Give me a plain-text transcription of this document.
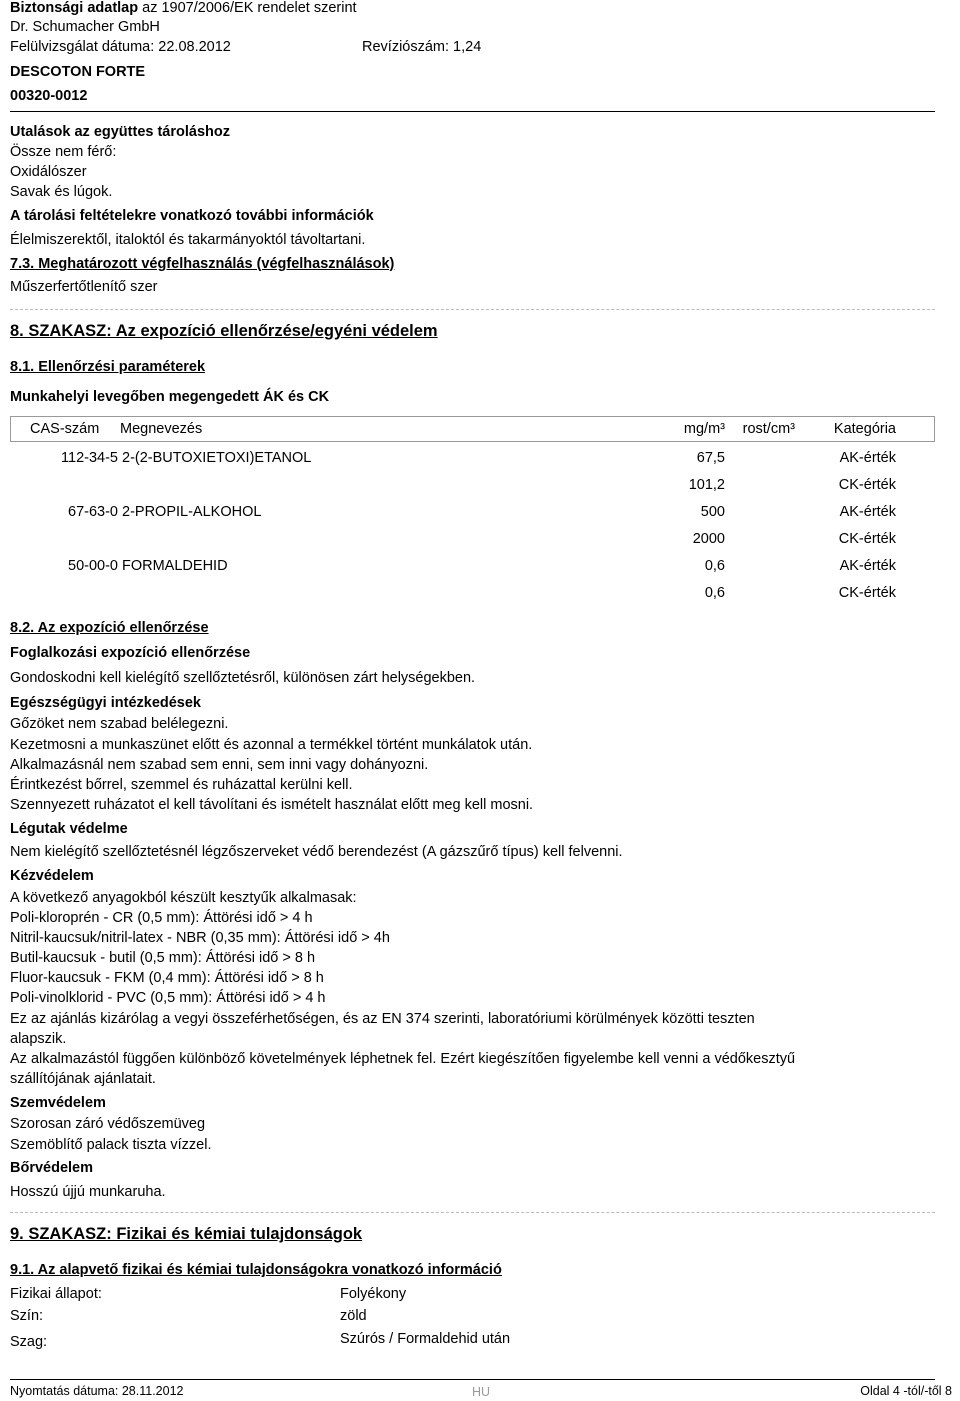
Biztonsági adatlap az 1907/2006/EK rendelet szerint
Dr. Schumacher GmbH
Felülvizsgálat dátuma: 22.08.2012	Revíziószám: 1,24
DESCOTON FORTE
00320-0012
Utalások az együttes tároláshoz
Össze nem férő:
Oxidálószer
Savak és lúgok.
A tárolási feltételekre vonatkozó további információk
Élelmiszerektől, italoktól és takarmányoktól távoltartani.
7.3. Meghatározott végfelhasználás (végfelhasználások)
Műszerfertőtlenítő szer
8. SZAKASZ: Az expozíció ellenőrzése/egyéni védelem
8.1. Ellenőrzési paraméterek
Munkahelyi levegőben megengedett ÁK és CK
CAS-szám Megnevezés	mg/m³	rost/cm³	Kategória
112-34-5 2-(2-BUTOXIETOXI)ETANOL	67,5	AK-érték
101,2	CK-érték
67-63-0 2-PROPIL-ALKOHOL	500	AK-érték
2000	CK-érték
50-00-0 FORMALDEHID	0,6	AK-érték
0,6	CK-érték
8.2. Az expozíció ellenőrzése
Foglalkozási expozíció ellenőrzése
Gondoskodni kell kielégítő szellőztetésről, különösen zárt helységekben.
Egészségügyi intézkedések
Gőzöket nem szabad belélegezni.
Kezetmosni a munkaszünet előtt és azonnal a termékkel történt munkálatok után.
Alkalmazásnál nem szabad sem enni, sem inni vagy dohányozni.
Érintkezést bőrrel, szemmel és ruházattal kerülni kell.
Szennyezett ruházatot el kell távolítani és ismételt használat előtt meg kell mosni.
Légutak védelme
Nem kielégítő szellőztetésnél légzőszerveket védő berendezést (A gázszűrő típus) kell felvenni.
Kézvédelem
A következő anyagokból készült kesztyűk alkalmasak:
Poli-kloroprén - CR (0,5 mm): Áttörési idő > 4 h
Nitril-kaucsuk/nitril-latex - NBR (0,35 mm): Áttörési idő > 4h
Butil-kaucsuk - butil (0,5 mm): Áttörési idő > 8 h
Fluor-kaucsuk - FKM (0,4 mm): Áttörési idő > 8 h
Poli-vinolklorid - PVC (0,5 mm): Áttörési idő > 4 h
Ez az ajánlás kizárólag a vegyi összeférhetőségen, és az EN 374 szerinti, laboratóriumi körülmények közötti teszten
alapszik.
Az alkalmazástól függően különböző követelmények léphetnek fel. Ezért kiegészítően figyelembe kell venni a védőkesztyű
szállítójának ajánlatait.
Szemvédelem
Szorosan záró védőszemüveg
Szemöblítő palack tiszta vízzel.
Bőrvédelem
Hosszú újjú munkaruha.
9. SZAKASZ: Fizikai és kémiai tulajdonságok
9.1. Az alapvető fizikai és kémiai tulajdonságokra vonatkozó információ
Fizikai állapot:	Folyékony
Szín:	zöld
Szag:	Szúrós / Formaldehid után
Nyomtatás dátuma: 28.11.2012	HU	Oldal 4 -tól/-től 8
